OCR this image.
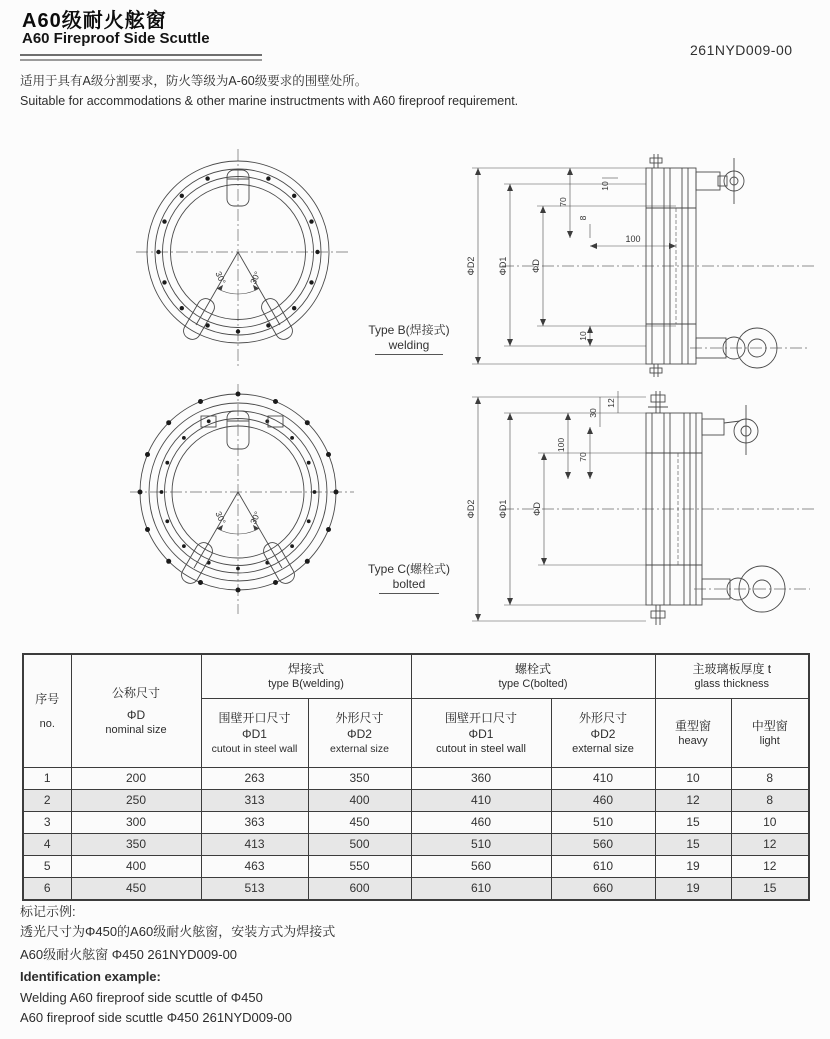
A60级耐火舷窗
A60 Fireproof Side Scuttle
261NYD009-00
适用于具有A级分割要求，防火等级为A-60级要求的围壁处所。
Suitable for accommodations & other marine instructments with A60 fireproof requirement.
30° 30°
Type B(焊接式)
welding
ΦD2 ΦD1	ΦD
10
70
8
100
10
30° 30°
Type C(螺栓式)
bolted
ΦD2 ΦD1	ΦD
30
12
100
70
序号
no.

公称尺寸
ΦD
nominal size

焊接式
type B(welding)

螺栓式
type C(bolted)

主玻璃板厚度 t
glass thickness

围壁开口尺寸
ΦD1
cutout in steel wall

外形尺寸
ΦD2
external size

围壁开口尺寸
ΦD1
cutout in steel wall

外形尺寸
ΦD2
external size

重型窗
heavy

中型窗
light

1	200	263	350	360	410	10	8
2	250	313	400	410	460	12	8
3	300	363	450	460	510	15	10
4	350	413	500	510	560	15	12
5	400	463	550	560	610	19	12
6	450	513	600	610	660	19	15
标记示例:
透光尺寸为Φ450的A60级耐火舷窗，安装方式为焊接式
A60级耐火舷窗 Φ450 261NYD009-00
Identification example:
Welding A60 fireproof side scuttle of Φ450
A60 fireproof side scuttle Φ450 261NYD009-00
